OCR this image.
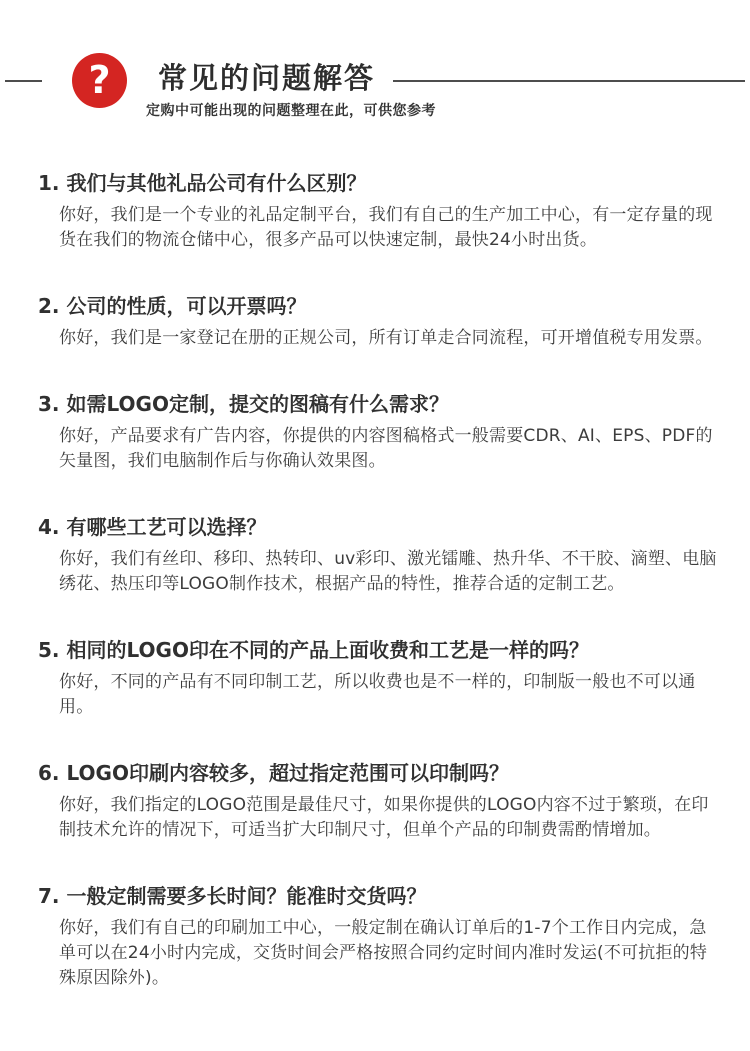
? 常见的问题解答
定购中可能出现的问题整理在此，可供您参考
1. 我们与其他礼品公司有什么区别？
你好，我们是一个专业的礼品定制平台，我们有自己的生产加工中心，有一定存量的现货在我们的物流仓储中心，很多产品可以快速定制，最快24小时出货。
2. 公司的性质，可以开票吗？
你好，我们是一家登记在册的正规公司，所有订单走合同流程，可开增值税专用发票。
3. 如需LOGO定制，提交的图稿有什么需求？
你好，产品要求有广告内容，你提供的内容图稿格式一般需要CDR、AI、EPS、PDF的矢量图，我们电脑制作后与你确认效果图。
4. 有哪些工艺可以选择？
你好，我们有丝印、移印、热转印、uv彩印、激光镭雕、热升华、不干胶、滴塑、电脑绣花、热压印等LOGO制作技术，根据产品的特性，推荐合适的定制工艺。
5. 相同的LOGO印在不同的产品上面收费和工艺是一样的吗？
你好，不同的产品有不同印制工艺，所以收费也是不一样的，印制版一般也不可以通用。
6. LOGO印刷内容较多，超过指定范围可以印制吗？
你好，我们指定的LOGO范围是最佳尺寸，如果你提供的LOGO内容不过于繁琐，在印制技术允许的情况下，可适当扩大印制尺寸，但单个产品的印制费需酌情增加。
7. 一般定制需要多长时间？能准时交货吗？
你好，我们有自己的印刷加工中心，一般定制在确认订单后的1-7个工作日内完成，急单可以在24小时内完成，交货时间会严格按照合同约定时间内准时发运(不可抗拒的特殊原因除外)。
